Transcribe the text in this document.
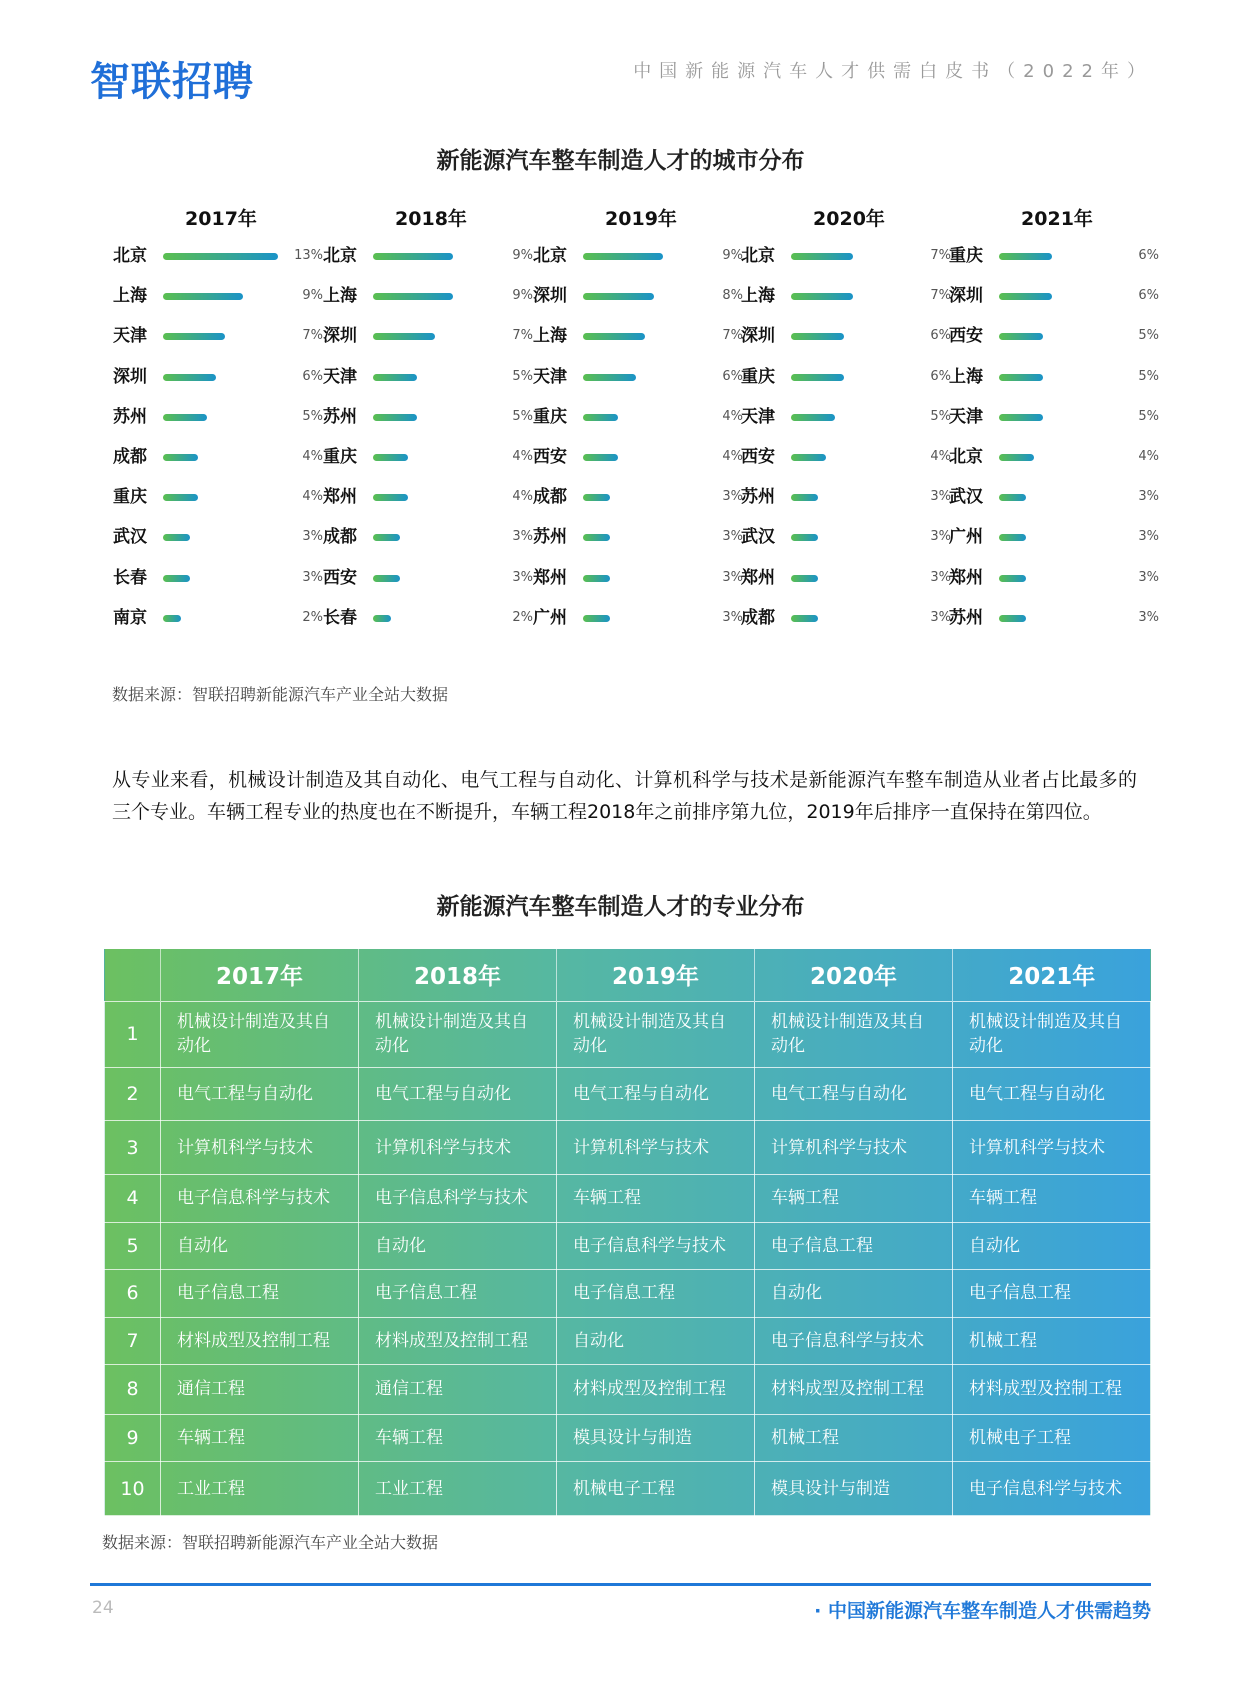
智联招聘	中国新能源汽车人才供需白皮书（2022年）
新能源汽车整车制造人才的城市分布
2017年
北京	13%
上海	9%
天津	7%
深圳	6%
苏州	5%
成都	4%
重庆	4%
武汉	3%
长春	3%
南京	2%
2018年
北京	9%
上海	9%
深圳	7%
天津	5%
苏州	5%
重庆	4%
郑州	4%
成都	3%
西安	3%
长春	2%
2019年
北京	9%
深圳	8%
上海	7%
天津	6%
重庆	4%
西安	4%
成都	3%
苏州	3%
郑州	3%
广州	3%
2020年
北京	7%
上海	7%
深圳	6%
重庆	6%
天津	5%
西安	4%
苏州	3%
武汉	3%
郑州	3%
成都	3%
2021年
重庆	6%
深圳	6%
西安	5%
上海	5%
天津	5%
北京	4%
武汉	3%
广州	3%
郑州	3%
苏州	3%
数据来源：智联招聘新能源汽车产业全站大数据
从专业来看，机械设计制造及其自动化、电气工程与自动化、计算机科学与技术是新能源汽车整车制造从业者占比最多的三个专业。车辆工程专业的热度也在不断提升，车辆工程2018年之前排序第九位，2019年后排序一直保持在第四位。
新能源汽车整车制造人才的专业分布
	2017年	2018年	2019年	2020年	2021年
1	机械设计制造及其自动化	机械设计制造及其自动化	机械设计制造及其自动化	机械设计制造及其自动化	机械设计制造及其自动化
2	电气工程与自动化	电气工程与自动化	电气工程与自动化	电气工程与自动化	电气工程与自动化
3	计算机科学与技术	计算机科学与技术	计算机科学与技术	计算机科学与技术	计算机科学与技术
4	电子信息科学与技术	电子信息科学与技术	车辆工程	车辆工程	车辆工程
5	自动化	自动化	电子信息科学与技术	电子信息工程	自动化
6	电子信息工程	电子信息工程	电子信息工程	自动化	电子信息工程
7	材料成型及控制工程	材料成型及控制工程	自动化	电子信息科学与技术	机械工程
8	通信工程	通信工程	材料成型及控制工程	材料成型及控制工程	材料成型及控制工程
9	车辆工程	车辆工程	模具设计与制造	机械工程	机械电子工程
10	工业工程	工业工程	机械电子工程	模具设计与制造	电子信息科学与技术
数据来源：智联招聘新能源汽车产业全站大数据
24	· 中国新能源汽车整车制造人才供需趋势
